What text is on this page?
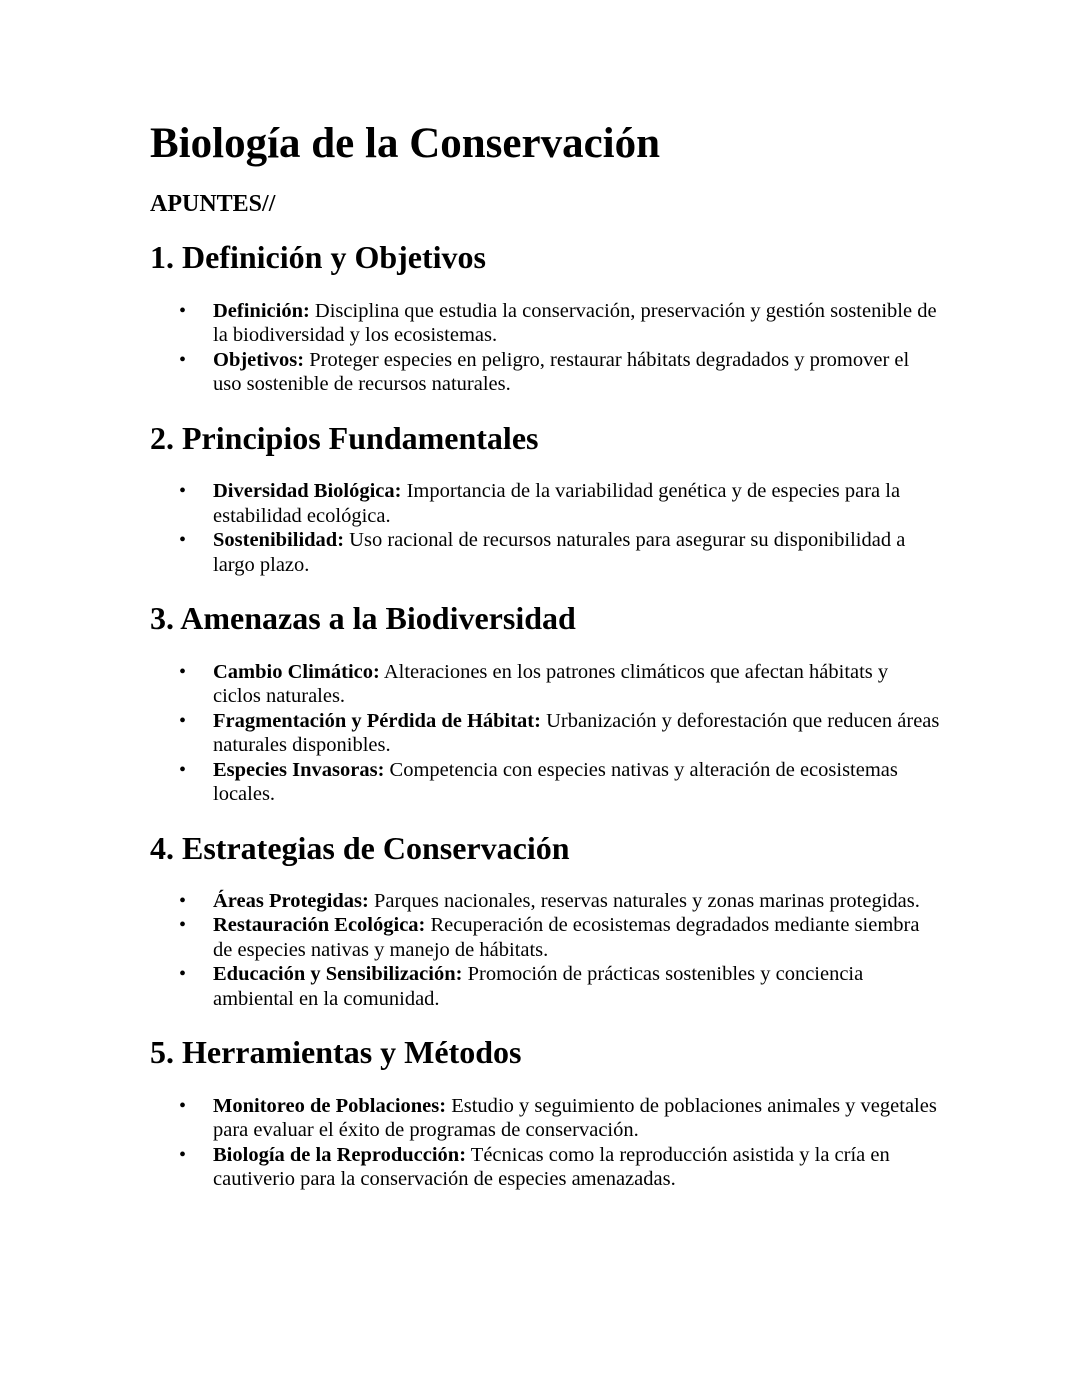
Biología de la Conservación
APUNTES//
1. Definición y Objetivos
• Definición: Disciplina que estudia la conservación, preservación y gestión sostenible de la biodiversidad y los ecosistemas.
• Objetivos: Proteger especies en peligro, restaurar hábitats degradados y promover el uso sostenible de recursos naturales.
2. Principios Fundamentales
• Diversidad Biológica: Importancia de la variabilidad genética y de especies para la estabilidad ecológica.
• Sostenibilidad: Uso racional de recursos naturales para asegurar su disponibilidad a largo plazo.
3. Amenazas a la Biodiversidad
• Cambio Climático: Alteraciones en los patrones climáticos que afectan hábitats y ciclos naturales.
• Fragmentación y Pérdida de Hábitat: Urbanización y deforestación que reducen áreas naturales disponibles.
• Especies Invasoras: Competencia con especies nativas y alteración de ecosistemas locales.
4. Estrategias de Conservación
• Áreas Protegidas: Parques nacionales, reservas naturales y zonas marinas protegidas.
• Restauración Ecológica: Recuperación de ecosistemas degradados mediante siembra de especies nativas y manejo de hábitats.
• Educación y Sensibilización: Promoción de prácticas sostenibles y conciencia ambiental en la comunidad.
5. Herramientas y Métodos
• Monitoreo de Poblaciones: Estudio y seguimiento de poblaciones animales y vegetales para evaluar el éxito de programas de conservación.
• Biología de la Reproducción: Técnicas como la reproducción asistida y la cría en cautiverio para la conservación de especies amenazadas.
